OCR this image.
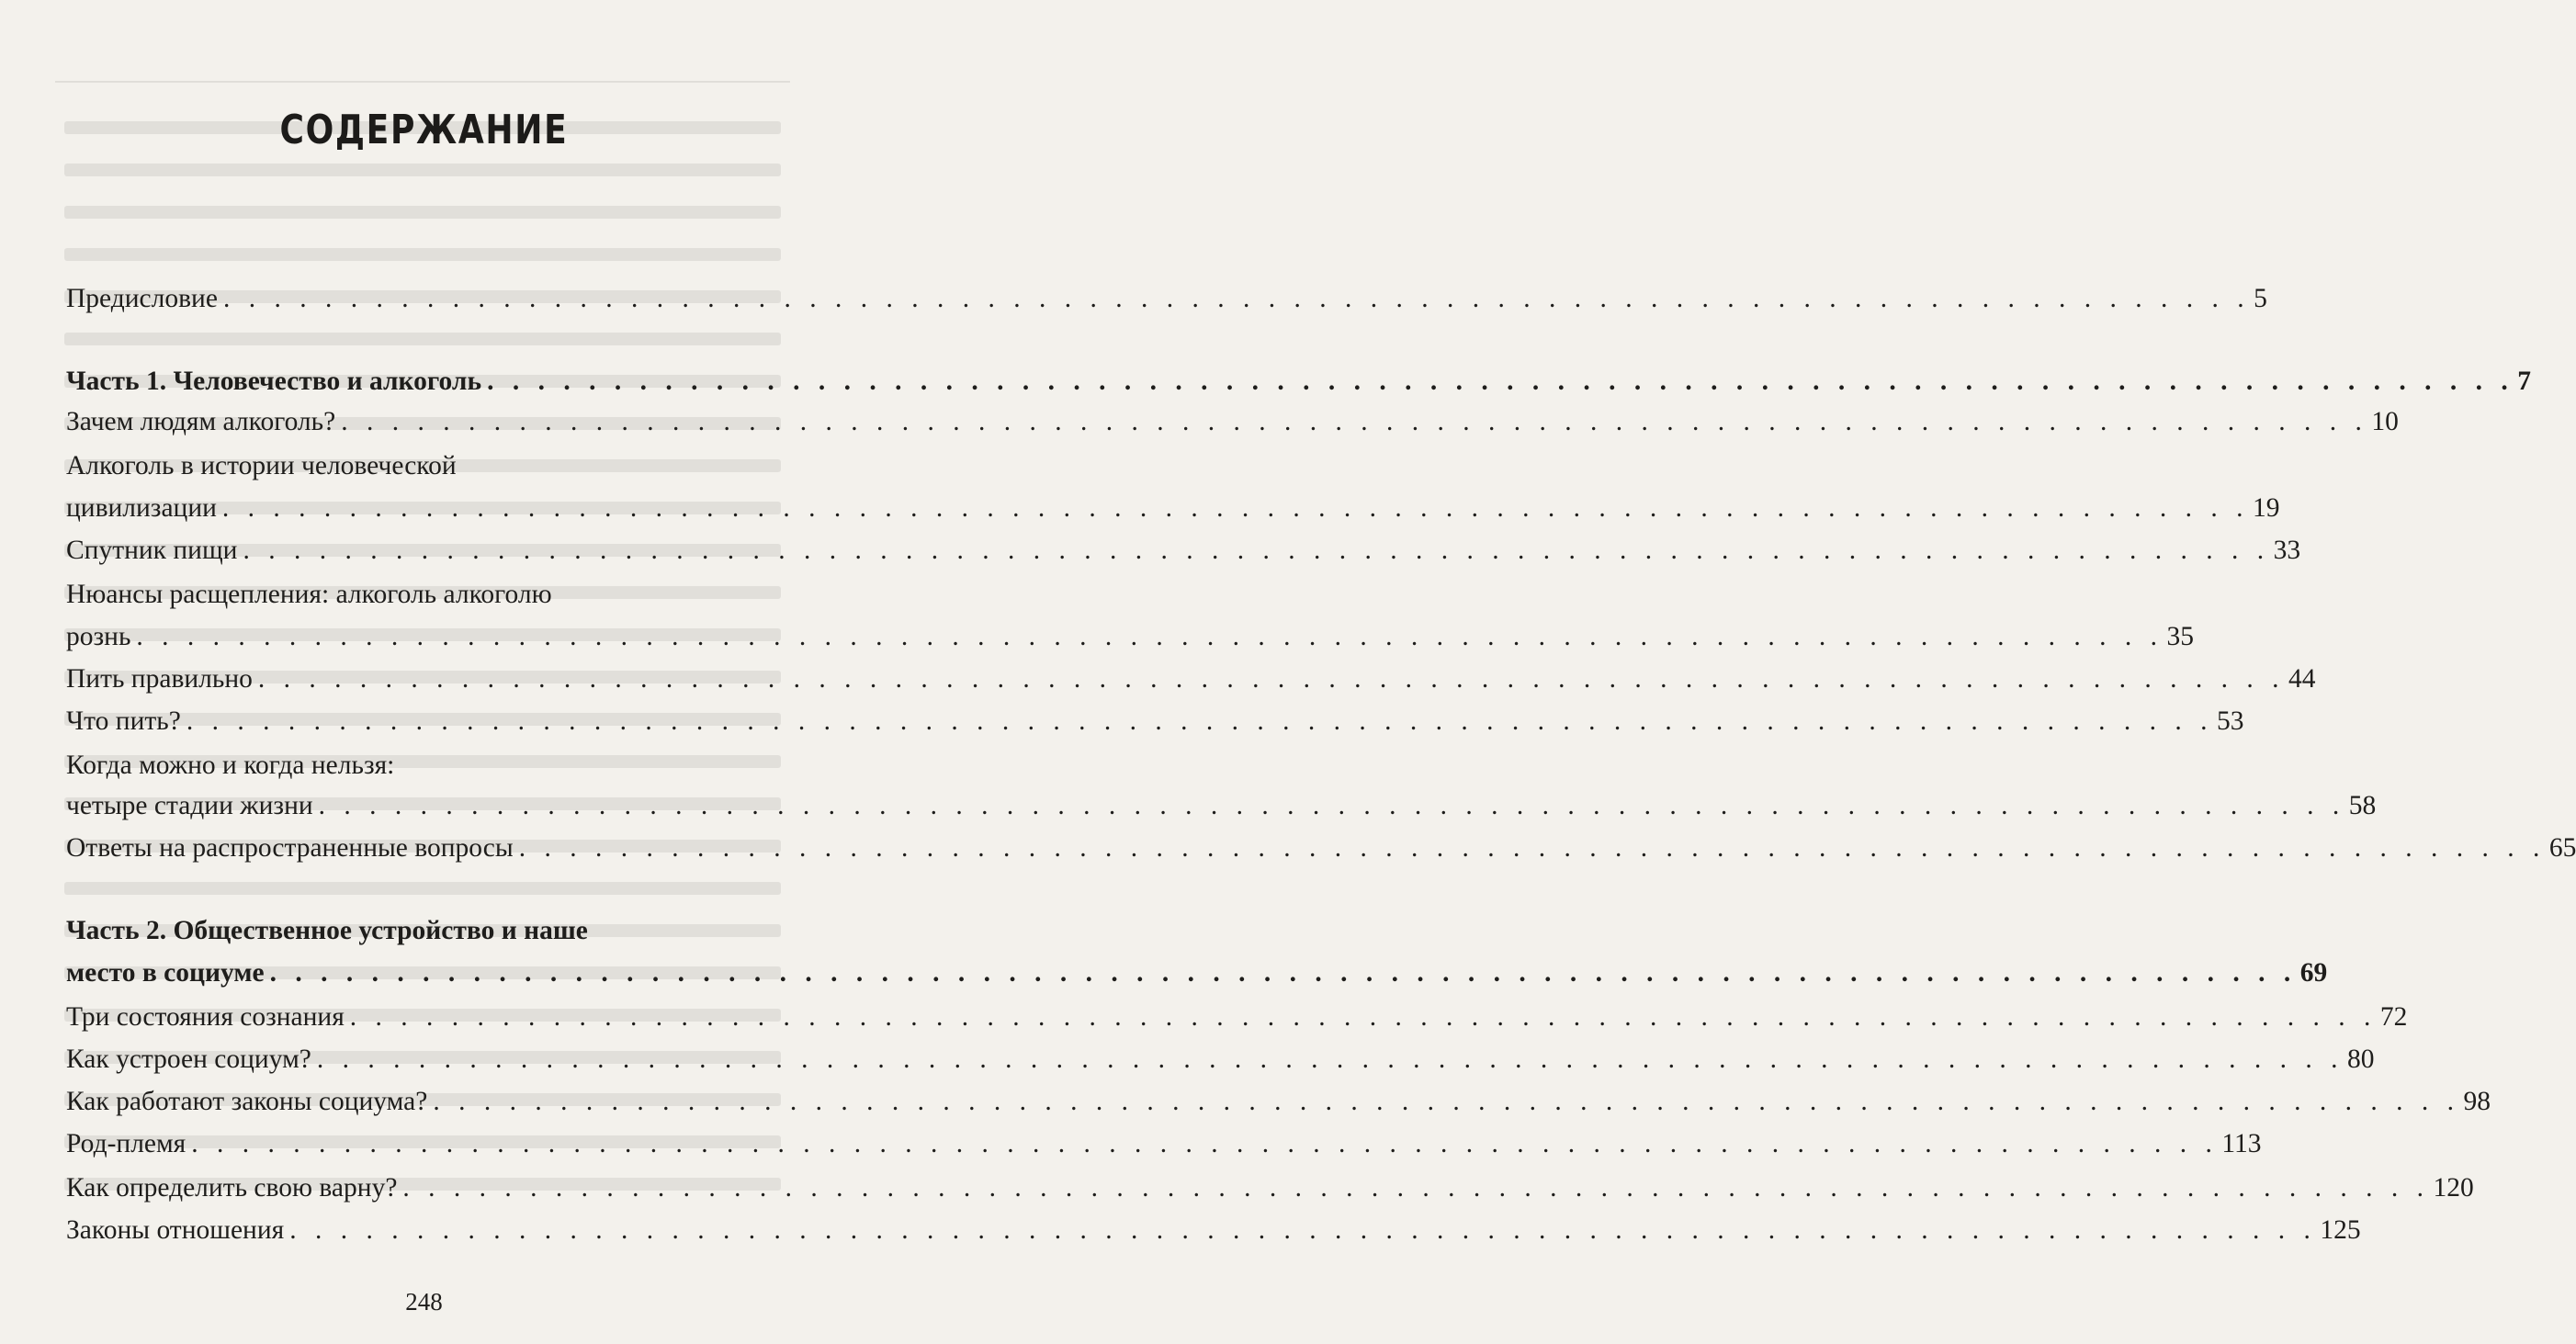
СОДЕРЖАНИЕ
Предисловие . . . . . . . . . . . . . . . . . . . . . . . . . . . . . . . . . . . . . . . . . . . . . . . . . . . . . . . . . . . . . . . . . . . . . . . . . . . . . . . . 5
Часть 1. Человечество и алкоголь . . . . . . . . . . . . . . . . . . . . . . . . . . . . . . . . . . . . . . . . . . . . . . . . . . . . . . . . . . . . . . . . . . . . . . . . . . . . . . . . 7
Зачем людям алкоголь? . . . . . . . . . . . . . . . . . . . . . . . . . . . . . . . . . . . . . . . . . . . . . . . . . . . . . . . . . . . . . . . . . . . . . . . . . . . . . . . . 10
Алкоголь в истории человеческой
цивилизации . . . . . . . . . . . . . . . . . . . . . . . . . . . . . . . . . . . . . . . . . . . . . . . . . . . . . . . . . . . . . . . . . . . . . . . . . . . . . . . . 19
Спутник пищи . . . . . . . . . . . . . . . . . . . . . . . . . . . . . . . . . . . . . . . . . . . . . . . . . . . . . . . . . . . . . . . . . . . . . . . . . . . . . . . . 33
Нюансы расщепления: алкоголь алкоголю
рознь . . . . . . . . . . . . . . . . . . . . . . . . . . . . . . . . . . . . . . . . . . . . . . . . . . . . . . . . . . . . . . . . . . . . . . . . . . . . . . . . 35
Пить правильно . . . . . . . . . . . . . . . . . . . . . . . . . . . . . . . . . . . . . . . . . . . . . . . . . . . . . . . . . . . . . . . . . . . . . . . . . . . . . . . . 44
Что пить? . . . . . . . . . . . . . . . . . . . . . . . . . . . . . . . . . . . . . . . . . . . . . . . . . . . . . . . . . . . . . . . . . . . . . . . . . . . . . . . . 53
Когда можно и когда нельзя:
четыре стадии жизни . . . . . . . . . . . . . . . . . . . . . . . . . . . . . . . . . . . . . . . . . . . . . . . . . . . . . . . . . . . . . . . . . . . . . . . . . . . . . . . . 58
Ответы на распространенные вопросы . . . . . . . . . . . . . . . . . . . . . . . . . . . . . . . . . . . . . . . . . . . . . . . . . . . . . . . . . . . . . . . . . . . . . . . . . . . . . . . . 65
Часть 2. Общественное устройство и наше
место в социуме . . . . . . . . . . . . . . . . . . . . . . . . . . . . . . . . . . . . . . . . . . . . . . . . . . . . . . . . . . . . . . . . . . . . . . . . . . . . . . . . 69
Три состояния сознания . . . . . . . . . . . . . . . . . . . . . . . . . . . . . . . . . . . . . . . . . . . . . . . . . . . . . . . . . . . . . . . . . . . . . . . . . . . . . . . . 72
Как устроен социум? . . . . . . . . . . . . . . . . . . . . . . . . . . . . . . . . . . . . . . . . . . . . . . . . . . . . . . . . . . . . . . . . . . . . . . . . . . . . . . . . 80
Как работают законы социума? . . . . . . . . . . . . . . . . . . . . . . . . . . . . . . . . . . . . . . . . . . . . . . . . . . . . . . . . . . . . . . . . . . . . . . . . . . . . . . . . 98
Род-племя . . . . . . . . . . . . . . . . . . . . . . . . . . . . . . . . . . . . . . . . . . . . . . . . . . . . . . . . . . . . . . . . . . . . . . . . . . . . . . . . 113
Как определить свою варну? . . . . . . . . . . . . . . . . . . . . . . . . . . . . . . . . . . . . . . . . . . . . . . . . . . . . . . . . . . . . . . . . . . . . . . . . . . . . . . . . 120
Законы отношения . . . . . . . . . . . . . . . . . . . . . . . . . . . . . . . . . . . . . . . . . . . . . . . . . . . . . . . . . . . . . . . . . . . . . . . . . . . . . . . . 125
248
